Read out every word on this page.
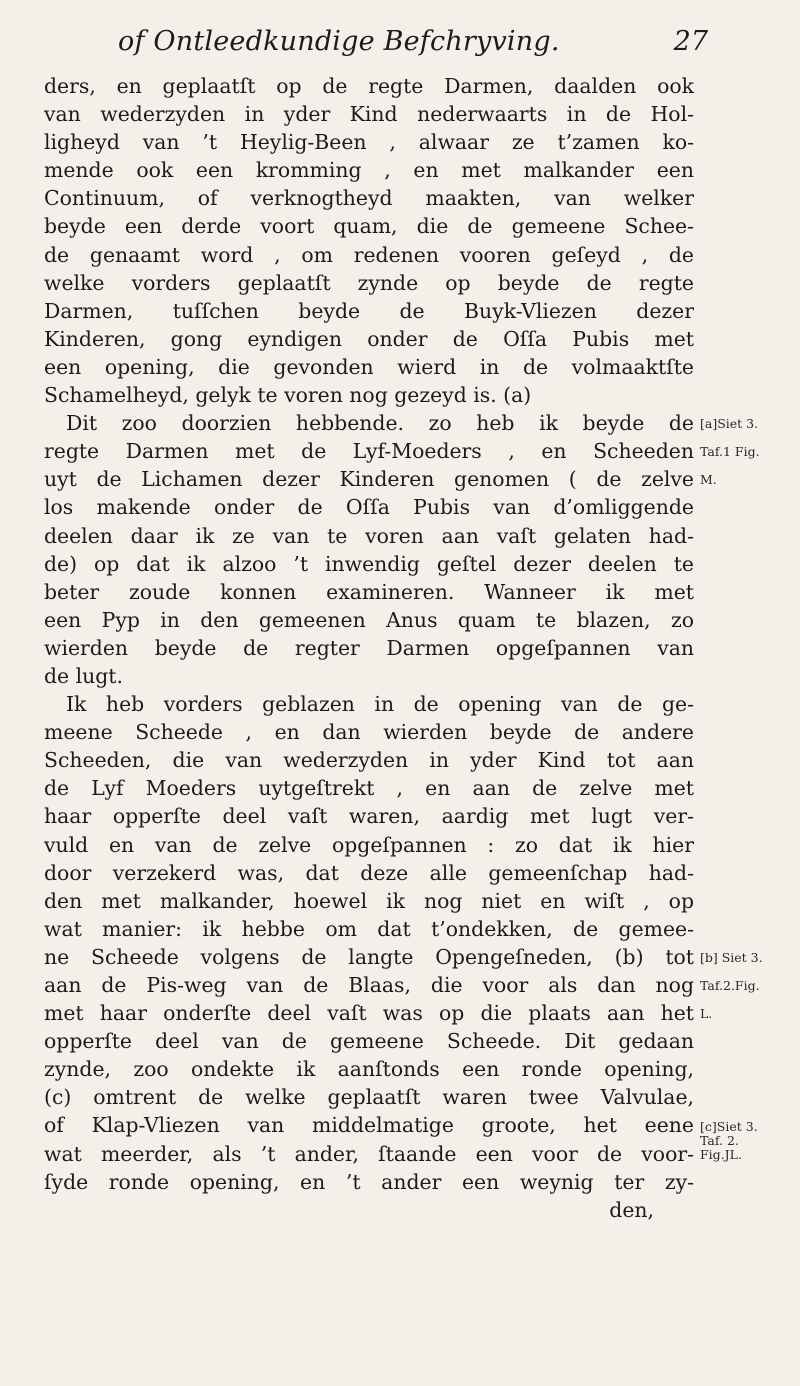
of Ontleedkundige Befchryving.	27
ders, en geplaatſt op de regte Darmen, daalden ook
van wederzyden in yder Kind nederwaarts in de Hol-
ligheyd van ’t Heylig-Been , alwaar ze t’zamen ko-
mende ook een kromming , en met malkander een
Continuum, of verknogtheyd maakten, van welker
beyde een derde voort quam, die de gemeene Schee-
de genaamt word , om redenen vooren geſeyd , de
welke vorders geplaatſt zynde op beyde de regte
Darmen, tuſſchen beyde de Buyk-Vliezen dezer
Kinderen, gong eyndigen onder de Oſſa Pubis met
een opening, die gevonden wierd in de volmaaktſte
Schamelheyd, gelyk te voren nog gezeyd is. (a)
Dit zoo doorzien hebbende. zo heb ik beyde de
regte Darmen met de Lyf-Moeders , en Scheeden
uyt de Lichamen dezer Kinderen genomen ( de zelve
los makende onder de Oſſa Pubis van d’omliggende
deelen daar ik ze van te voren aan vaſt gelaten had-
de) op dat ik alzoo ’t inwendig geſtel dezer deelen te
beter zoude konnen examineren. Wanneer ik met
een Pyp in den gemeenen Anus quam te blazen, zo
wierden beyde de regter Darmen opgeſpannen van
de lugt.
Ik heb vorders geblazen in de opening van de ge-
meene Scheede , en dan wierden beyde de andere
Scheeden, die van wederzyden in yder Kind tot aan
de Lyf Moeders uytgeſtrekt , en aan de zelve met
haar opperſte deel vaſt waren, aardig met lugt ver-
vuld en van de zelve opgeſpannen : zo dat ik hier
door verzekerd was, dat deze alle gemeenſchap had-
den met malkander, hoewel ik nog niet en wiſt , op
wat manier: ik hebbe om dat t’ondekken, de gemee-
ne Scheede volgens de langte Opengeſneden, (b) tot
aan de Pis-weg van de Blaas, die voor als dan nog
met haar onderſte deel vaſt was op die plaats aan het
opperſte deel van de gemeene Scheede. Dit gedaan
zynde, zoo ondekte ik aanſtonds een ronde opening,
(c) omtrent de welke geplaatſt waren twee Valvulae,
of Klap-Vliezen van middelmatige groote, het eene
wat meerder, als ’t ander, ſtaande een voor de voor-
ſyde ronde opening, en ’t ander een weynig ter zy-
den,
[a]Siet 3.
Taf.1 Fig.
M.
[b] Siet 3.
Taf.2.Fig.
L.
[c]Siet 3.
Taf. 2.
Fig.JL.
